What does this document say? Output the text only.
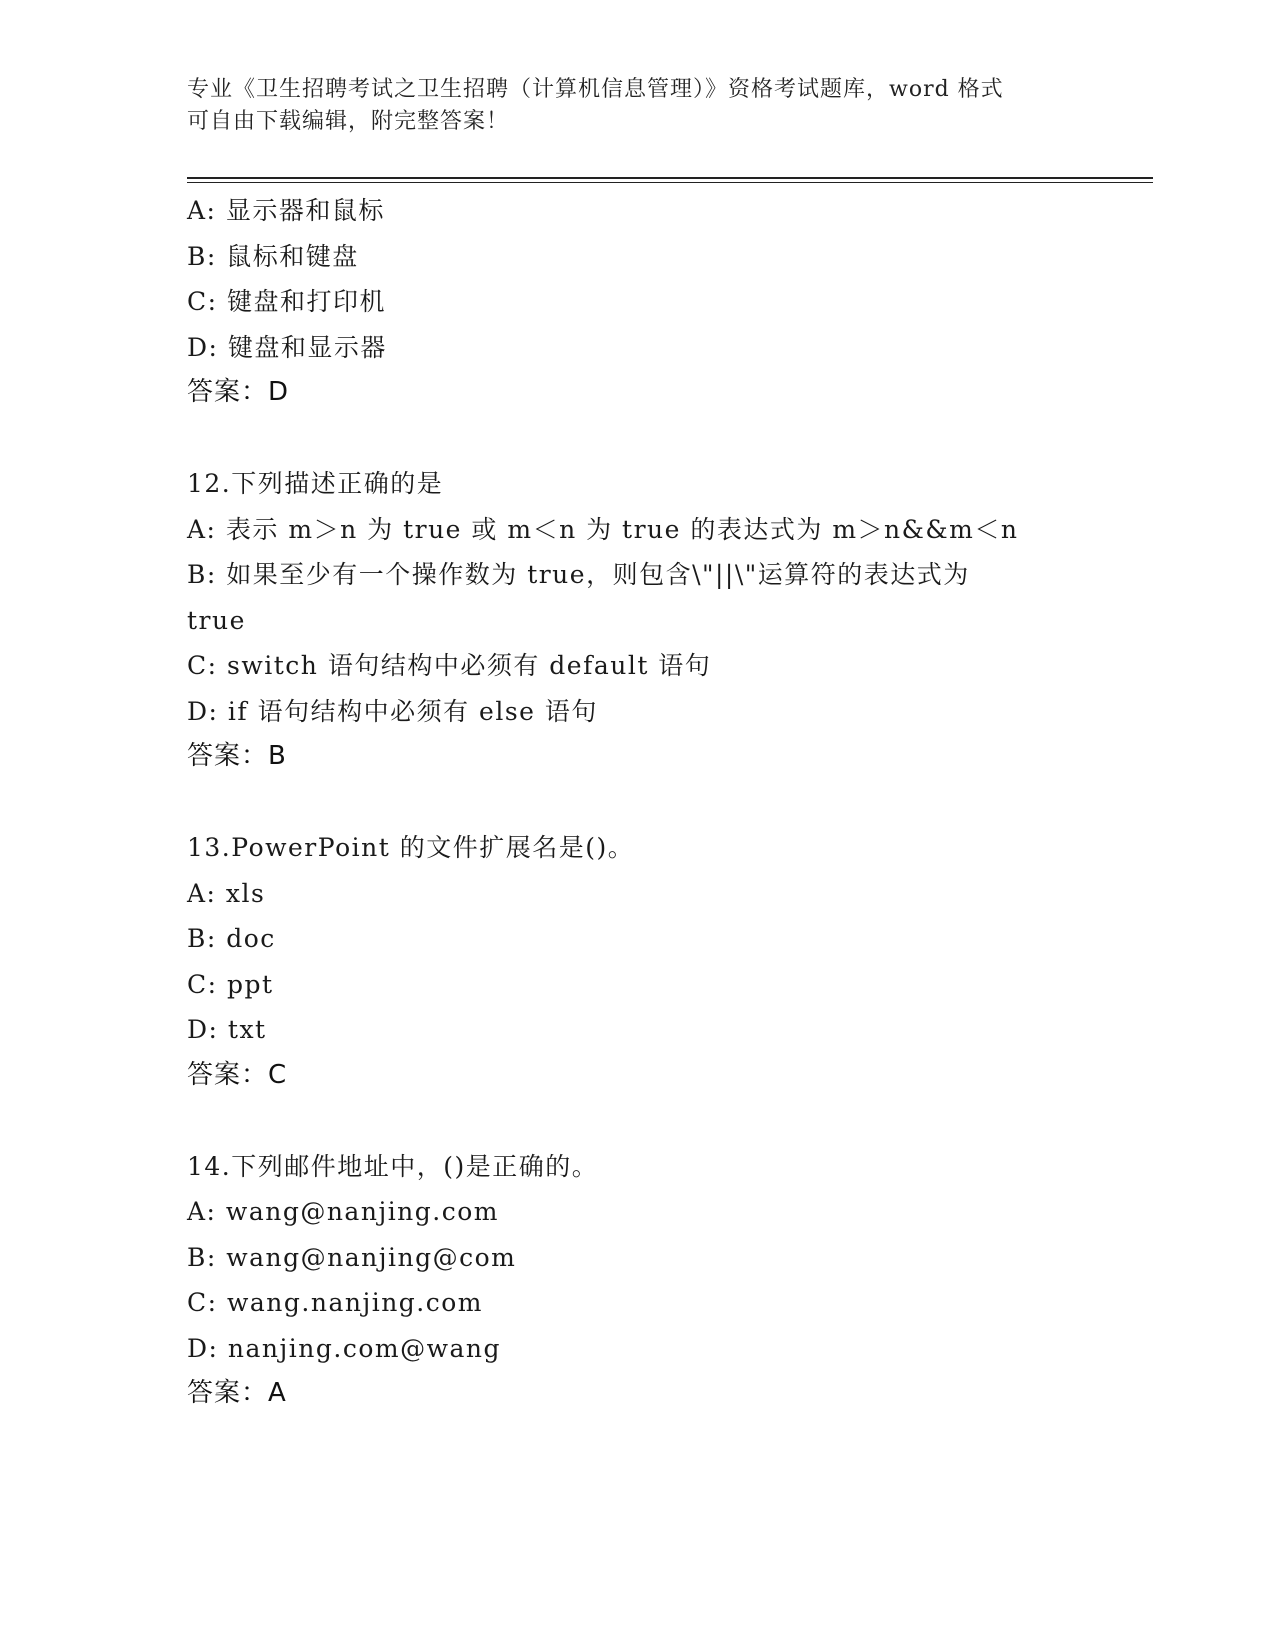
专业《卫生招聘考试之卫生招聘（计算机信息管理）》资格考试题库，word 格式
可自由下载编辑，附完整答案！
A: 显示器和鼠标
B: 鼠标和键盘
C: 键盘和打印机
D: 键盘和显示器
答案：D
12.下列描述正确的是
A: 表示 m＞n 为 true 或 m＜n 为 true 的表达式为 m＞n&&m＜n
B: 如果至少有一个操作数为 true，则包含\"||\"运算符的表达式为
true
C: switch 语句结构中必须有 default 语句
D: if 语句结构中必须有 else 语句
答案：B
13.PowerPoint 的文件扩展名是()。
A: xls
B: doc
C: ppt
D: txt
答案：C
14.下列邮件地址中，()是正确的。
A: wang@nanjing.com
B: wang@nanjing@com
C: wang.nanjing.com
D: nanjing.com@wang
答案：A
